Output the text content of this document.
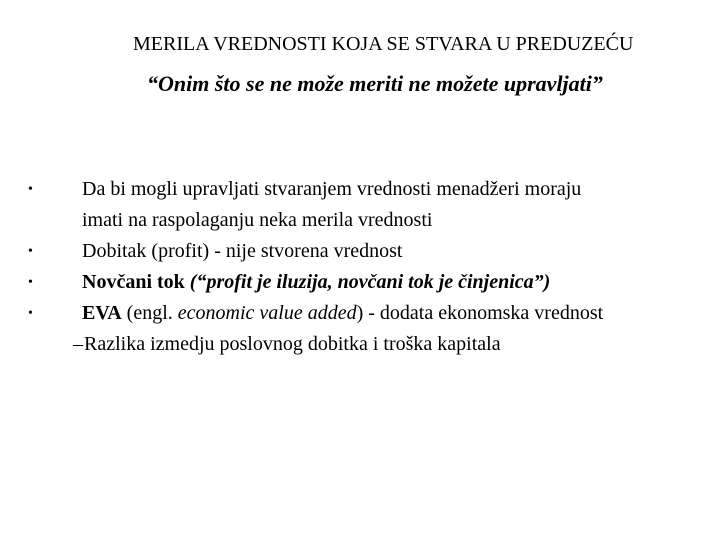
MERILA VREDNOSTI KOJA SE STVARA U PREDUZEĆU
“Onim što se ne može meriti ne možete upravljati”
•	Da bi mogli upravljati stvaranjem vrednosti menadžeri moraju
imati na raspolaganju neka merila vrednosti
•	Dobitak (profit) - nije stvorena vrednost
•	Novčani tok (“profit je iluzija, novčani tok je činjenica”)
•	EVA (engl. economic value added) - dodata ekonomska vrednost
– Razlika izmedju poslovnog dobitka i troška kapitala
